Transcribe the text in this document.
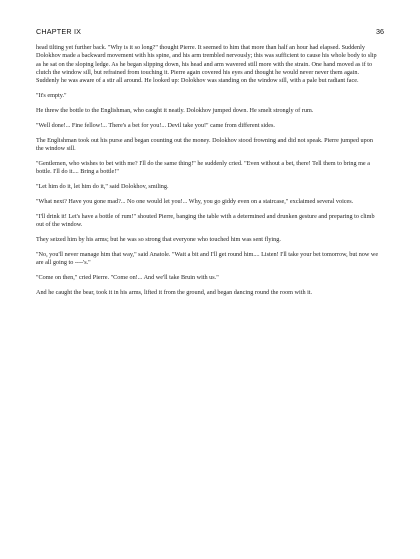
CHAPTER IX	36

head tilting yet further back. "Why is it so long?" thought Pierre. It seemed to him that more than half an hour had elapsed. Suddenly Dolokhov made a backward movement with his spine, and his arm trembled nervously; this was sufficient to cause his whole body to slip as he sat on the sloping ledge. As he began slipping down, his head and arm wavered still more with the strain. One hand moved as if to clutch the window sill, but refrained from touching it. Pierre again covered his eyes and thought he would never never them again. Suddenly he was aware of a stir all around. He looked up: Dolokhov was standing on the window sill, with a pale but radiant face.

"It's empty."

He threw the bottle to the Englishman, who caught it neatly. Dolokhov jumped down. He smelt strongly of rum.

"Well done!... Fine fellow!... There's a bet for you!... Devil take you!" came from different sides.

The Englishman took out his purse and began counting out the money. Dolokhov stood frowning and did not speak. Pierre jumped upon the window sill.

"Gentlemen, who wishes to bet with me? I'll do the same thing!" he suddenly cried. "Even without a bet, there! Tell them to bring me a bottle. I'll do it.... Bring a bottle!"

"Let him do it, let him do it," said Dolokhov, smiling.

"What next? Have you gone mad?... No one would let you!... Why, you go giddy even on a staircase," exclaimed several voices.

"I'll drink it! Let's have a bottle of rum!" shouted Pierre, banging the table with a determined and drunken gesture and preparing to climb out of the window.

They seized him by his arms; but he was so strong that everyone who touched him was sent flying.

"No, you'll never manage him that way," said Anatole. "Wait a bit and I'll get round him.... Listen! I'll take your bet tomorrow, but now we are all going to ----'s."

"Come on then," cried Pierre. "Come on!... And we'll take Bruin with us."

And he caught the bear, took it in his arms, lifted it from the ground, and began dancing round the room with it.
